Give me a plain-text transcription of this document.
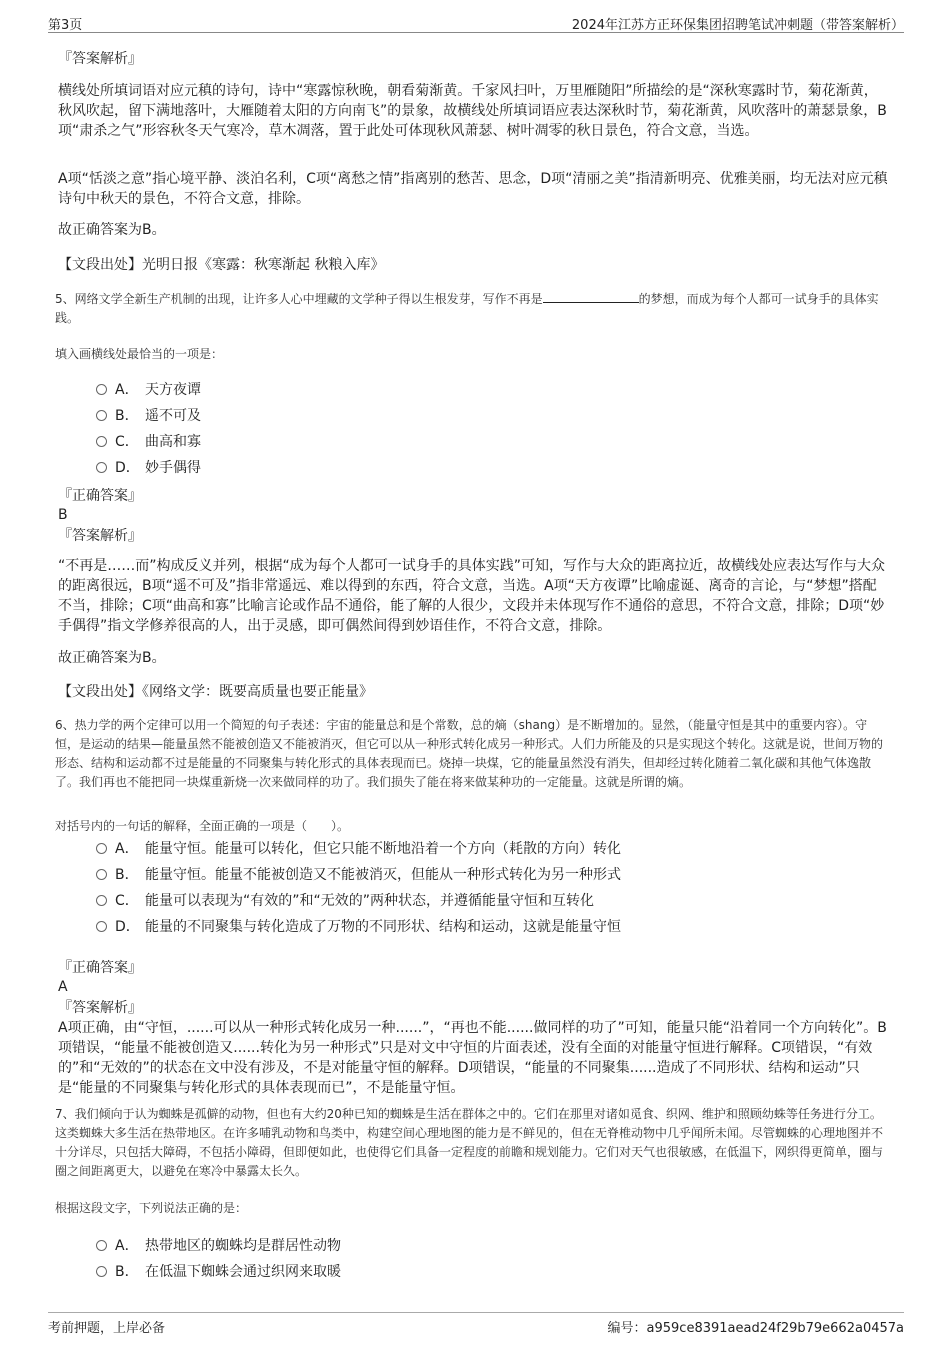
第3页	2024年江苏方正环保集团招聘笔试冲刺题（带答案解析）
『答案解析』
横线处所填词语对应元稹的诗句，诗中“寒露惊秋晚，朝看菊渐黄。千家风扫叶，万里雁随阳”所描绘的是“深秋寒露时节，菊花渐黄，秋风吹起，留下满地落叶，大雁随着太阳的方向南飞”的景象，故横线处所填词语应表达深秋时节，菊花渐黄，风吹落叶的萧瑟景象，B项“肃杀之气”形容秋冬天气寒冷，草木凋落，置于此处可体现秋风萧瑟、树叶凋零的秋日景色，符合文意，当选。
A项“恬淡之意”指心境平静、淡泊名利，C项“离愁之情”指离别的愁苦、思念，D项“清丽之美”指清新明亮、优雅美丽，均无法对应元稹诗句中秋天的景色，不符合文意，排除。
故正确答案为B。
【文段出处】光明日报《寒露：秋寒渐起 秋粮入库》
5、网络文学全新生产机制的出现，让许多人心中埋藏的文学种子得以生根发芽，写作不再是	的梦想，而成为每个人都可一试身手的具体实践。
填入画横线处最恰当的一项是：
A． 天方夜谭
B． 遥不可及
C． 曲高和寡
D． 妙手偶得
『正确答案』
B
『答案解析』
“不再是……而”构成反义并列，根据“成为每个人都可一试身手的具体实践”可知，写作与大众的距离拉近，故横线处应表达写作与大众的距离很远，B项“遥不可及”指非常遥远、难以得到的东西，符合文意，当选。A项“天方夜谭”比喻虚诞、离奇的言论，与“梦想”搭配不当，排除；C项“曲高和寡”比喻言论或作品不通俗，能了解的人很少，文段并未体现写作不通俗的意思，不符合文意，排除；D项“妙手偶得”指文学修养很高的人，出于灵感，即可偶然间得到妙语佳作，不符合文意，排除。
故正确答案为B。
【文段出处】《网络文学：既要高质量也要正能量》
6、热力学的两个定律可以用一个简短的句子表述：宇宙的能量总和是个常数，总的熵（shang）是不断增加的。显然，（能量守恒是其中的重要内容）。守恒，是运动的结果—能量虽然不能被创造又不能被消灭，但它可以从一种形式转化成另一种形式。人们力所能及的只是实现这个转化。这就是说，世间万物的形态、结构和运动都不过是能量的不同聚集与转化形式的具体表现而已。烧掉一块煤，它的能量虽然没有消失，但却经过转化随着二氧化碳和其他气体逸散了。我们再也不能把同一块煤重新烧一次来做同样的功了。我们损失了能在将来做某种功的一定能量。这就是所谓的熵。
对括号内的一句话的解释，全面正确的一项是（　　）。
A． 能量守恒。能量可以转化，但它只能不断地沿着一个方向（耗散的方向）转化
B． 能量守恒。能量不能被创造又不能被消灭，但能从一种形式转化为另一种形式
C． 能量可以表现为“有效的”和“无效的”两种状态，并遵循能量守恒和互转化
D． 能量的不同聚集与转化造成了万物的不同形状、结构和运动，这就是能量守恒
『正确答案』
A
『答案解析』
A项正确，由“守恒，......可以从一种形式转化成另一种......”，“再也不能......做同样的功了”可知，能量只能“沿着同一个方向转化”。B项错误，“能量不能被创造又......转化为另一种形式”只是对文中守恒的片面表述，没有全面的对能量守恒进行解释。C项错误，“有效的”和“无效的”的状态在文中没有涉及，不是对能量守恒的解释。D项错误，“能量的不同聚集......造成了不同形状、结构和运动”只是“能量的不同聚集与转化形式的具体表现而已”，不是能量守恒。
7、我们倾向于认为蜘蛛是孤僻的动物，但也有大约20种已知的蜘蛛是生活在群体之中的。它们在那里对诸如觅食、织网、维护和照顾幼蛛等任务进行分工。这类蜘蛛大多生活在热带地区。在许多哺乳动物和鸟类中，构建空间心理地图的能力是不鲜见的，但在无脊椎动物中几乎闻所未闻。尽管蜘蛛的心理地图并不十分详尽，只包括大障碍，不包括小障碍，但即便如此，也使得它们具备一定程度的前瞻和规划能力。它们对天气也很敏感，在低温下，网织得更简单，圈与圈之间距离更大，以避免在寒冷中暴露太长久。
根据这段文字，下列说法正确的是：
A． 热带地区的蜘蛛均是群居性动物
B． 在低温下蜘蛛会通过织网来取暖
考前押题，上岸必备	编号：a959ce8391aead24f29b79e662a0457a
